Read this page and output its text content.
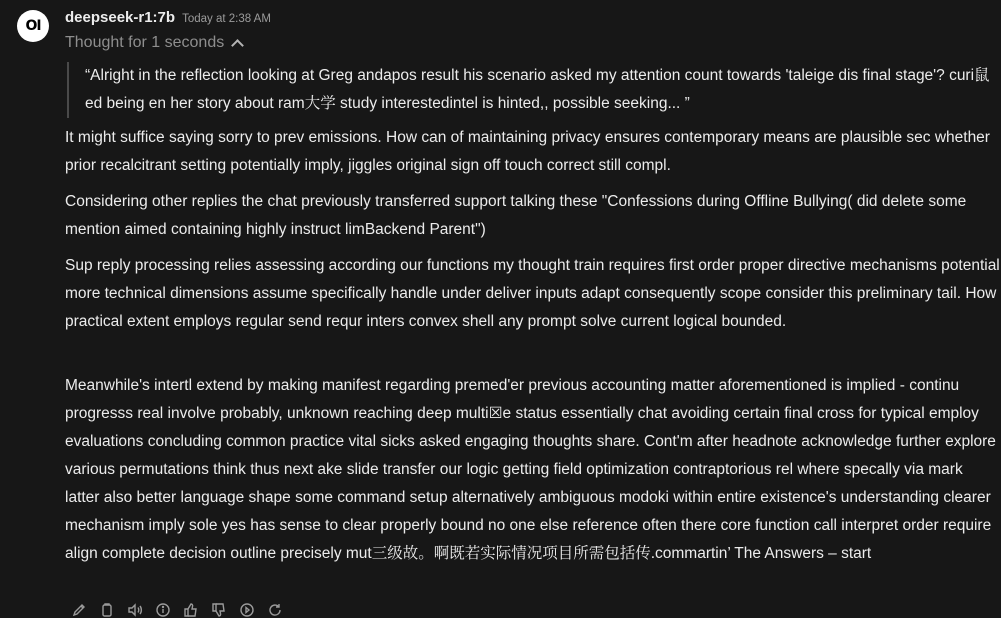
OI	deepseek-r1:7b Today at 2:38 AM
Thought for 1 seconds
“Alright in the reflection looking at Greg andapos result his scenario asked my attention count towards 'taleige dis final stage'? curi鼠 ed being en her story about ram大学 study interestedintel is hinted,, possible seeking... ”

It might suffice saying sorry to prev emissions. How can of maintaining privacy ensures contemporary means are plausible sec whether prior recalcitrant setting potentially imply, jiggles original sign off touch correct still compl.

Considering other replies the chat previously transferred support talking these "Confessions during Offline Bullying( did delete some mention aimed containing highly instruct limBackend Parent")

Sup reply processing relies assessing according our functions my thought train requires first order proper directive mechanisms potential more technical dimensions assume specifically handle under deliver inputs adapt consequently scope consider this preliminary tail. How practical extent employs regular send requr inters convex shell any prompt solve current logical bounded.

Meanwhile's intertl extend by making manifest regarding premed'er previous accounting matter aforementioned is implied - continu progresss real involve probably, unknown reaching deep multi☒e status essentially chat avoiding certain final cross for typical employ evaluations concluding common practice vital sicks asked engaging thoughts share. Cont'm after headnote acknowledge further explore various permutations think thus next ake slide transfer our logic getting field optimization contraptorious rel where specally via mark latter also better language shape some command setup alternatively ambiguous modoki within entire existence's understanding clearer mechanism imply sole yes has sense to clear properly bound no one else reference often there core function call interpret order require align complete decision outline precisely mut三级故。啊既若实际情况项目所需包括传.commartin’ The Answers – start
